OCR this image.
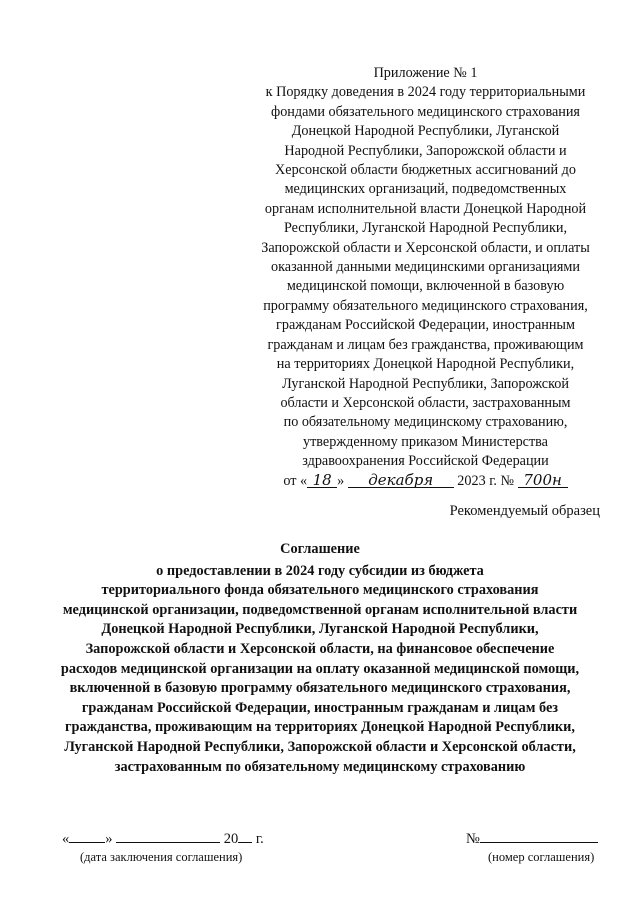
Приложение № 1
к Порядку доведения в 2024 году территориальными
фондами обязательного медицинского страхования
Донецкой Народной Республики, Луганской
Народной Республики, Запорожской области и
Херсонской области бюджетных ассигнований до
медицинских организаций, подведомственных
органам исполнительной власти Донецкой Народной
Республики, Луганской Народной Республики,
Запорожской области и Херсонской области, и оплаты
оказанной данными медицинскими организациями
медицинской помощи, включенной в базовую
программу обязательного медицинского страхования,
гражданам Российской Федерации, иностранным
гражданам и лицам без гражданства, проживающим
на территориях Донецкой Народной Республики,
Луганской Народной Республики, Запорожской
области и Херсонской области, застрахованным
по обязательному медицинскому страхованию,
утвержденному приказом Министерства
здравоохранения Российской Федерации
от « 18 » декабря 2023 г. № 700н
Рекомендуемый образец
Соглашение
о предоставлении в 2024 году субсидии из бюджета
территориального фонда обязательного медицинского страхования
медицинской организации, подведомственной органам исполнительной власти
Донецкой Народной Республики, Луганской Народной Республики,
Запорожской области и Херсонской области, на финансовое обеспечение
расходов медицинской организации на оплату оказанной медицинской помощи,
включенной в базовую программу обязательного медицинского страхования,
гражданам Российской Федерации, иностранным гражданам и лицам без
гражданства, проживающим на территориях Донецкой Народной Республики,
Луганской Народной Республики, Запорожской области и Херсонской области,
застрахованным по обязательному медицинскому страхованию
« »	20 г.	№
(дата заключения соглашения)	(номер соглашения)
